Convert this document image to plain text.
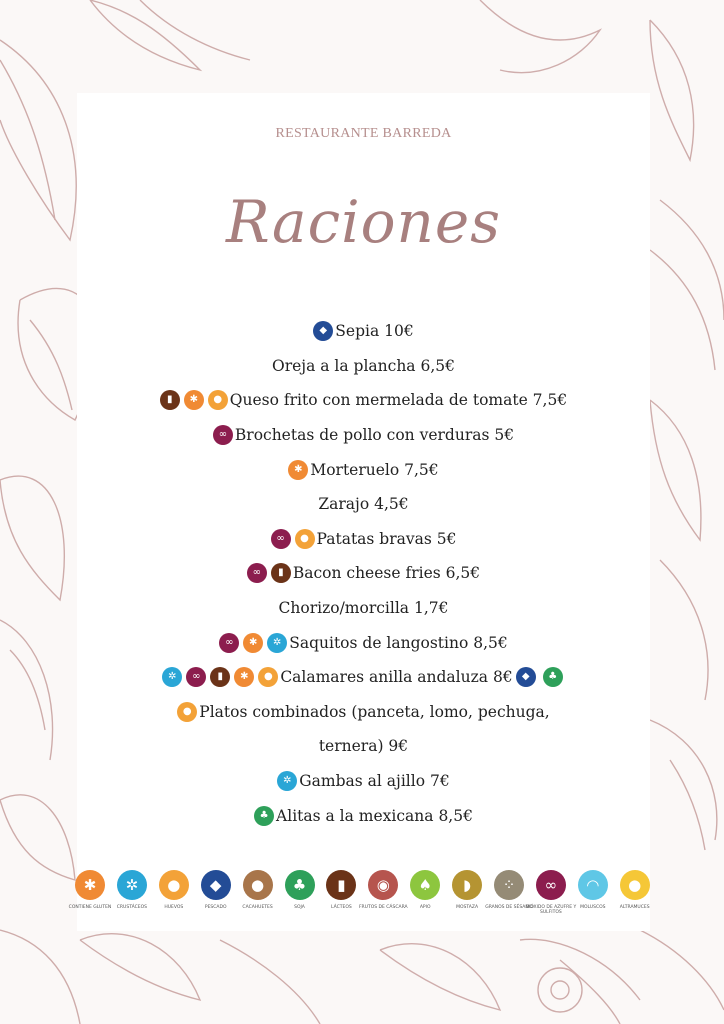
RESTAURANTE BARREDA
Raciones
◆ Sepia 10€
Oreja a la plancha 6,5€
▮	✱	● Queso frito con mermelada de tomate 7,5€
∞ Brochetas de pollo con verduras 5€
✱ Morteruelo 7,5€
Zarajo 4,5€
∞	● Patatas bravas 5€
∞	▮ Bacon cheese fries 6,5€
Chorizo/morcilla 1,7€
∞	✱	✲ Saquitos de langostino 8,5€
✲	∞	▮	✱	● Calamares anilla andaluza 8€ ◆	♣
● Platos combinados (panceta, lomo, pechuga,
ternera) 9€
✲ Gambas al ajillo 7€
♣ Alitas a la mexicana 8,5€
✱
CONTIENE GLUTEN
✲
CRUSTÁCEOS
●
HUEVOS
◆
PESCADO
●
CACAHUETES
♣
SOJA
▮
LÁCTEOS
◉
FRUTOS DE CÁSCARA
♠
APIO
◗
MOSTAZA
⁘
GRANOS DE SÉSAMO
∞
DIÓXIDO DE AZUFRE Y SULFITOS
◠
MOLUSCOS
●
ALTRAMUCES
